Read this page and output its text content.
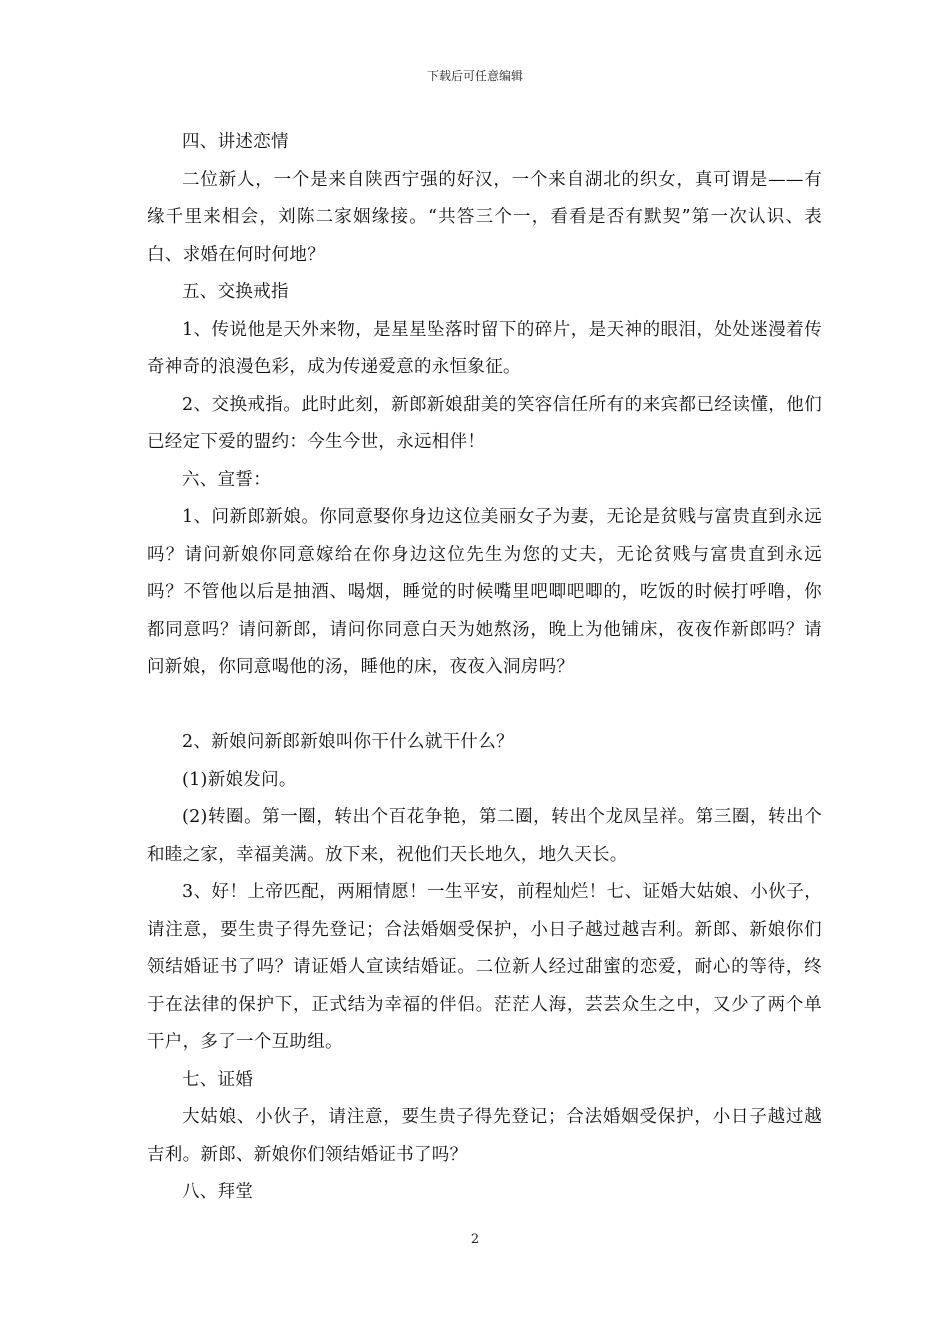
下载后可任意编辑

四、讲述恋情

二位新人，一个是来自陕西宁强的好汉，一个来自湖北的织女，真可谓是——有缘千里来相会，刘陈二家姻缘接。“共答三个一，看看是否有默契”第一次认识、表白、求婚在何时何地？

五、交换戒指

1、传说他是天外来物，是星星坠落时留下的碎片，是天神的眼泪，处处迷漫着传奇神奇的浪漫色彩，成为传递爱意的永恒象征。

2、交换戒指。此时此刻，新郎新娘甜美的笑容信任所有的来宾都已经读懂，他们已经定下爱的盟约：今生今世，永远相伴！

六、宣誓：

1、问新郎新娘。你同意娶你身边这位美丽女子为妻，无论是贫贱与富贵直到永远吗？请问新娘你同意嫁给在你身边这位先生为您的丈夫，无论贫贱与富贵直到永远吗？不管他以后是抽酒、喝烟，睡觉的时候嘴里吧唧吧唧的，吃饭的时候打呼噜，你都同意吗？请问新郎，请问你同意白天为她熬汤，晚上为他铺床，夜夜作新郎吗？请问新娘，你同意喝他的汤，睡他的床，夜夜入洞房吗？

2、新娘问新郎新娘叫你干什么就干什么？

(1)新娘发问。

(2)转圈。第一圈，转出个百花争艳，第二圈，转出个龙凤呈祥。第三圈，转出个和睦之家，幸福美满。放下来，祝他们天长地久，地久天长。

3、好！上帝匹配，两厢情愿！一生平安，前程灿烂！七、证婚大姑娘、小伙子，请注意，要生贵子得先登记；合法婚姻受保护，小日子越过越吉利。新郎、新娘你们领结婚证书了吗？请证婚人宣读结婚证。二位新人经过甜蜜的恋爱，耐心的等待，终于在法律的保护下，正式结为幸福的伴侣。茫茫人海，芸芸众生之中，又少了两个单干户，多了一个互助组。

七、证婚

大姑娘、小伙子，请注意，要生贵子得先登记；合法婚姻受保护，小日子越过越吉利。新郎、新娘你们领结婚证书了吗？

八、拜堂

2
